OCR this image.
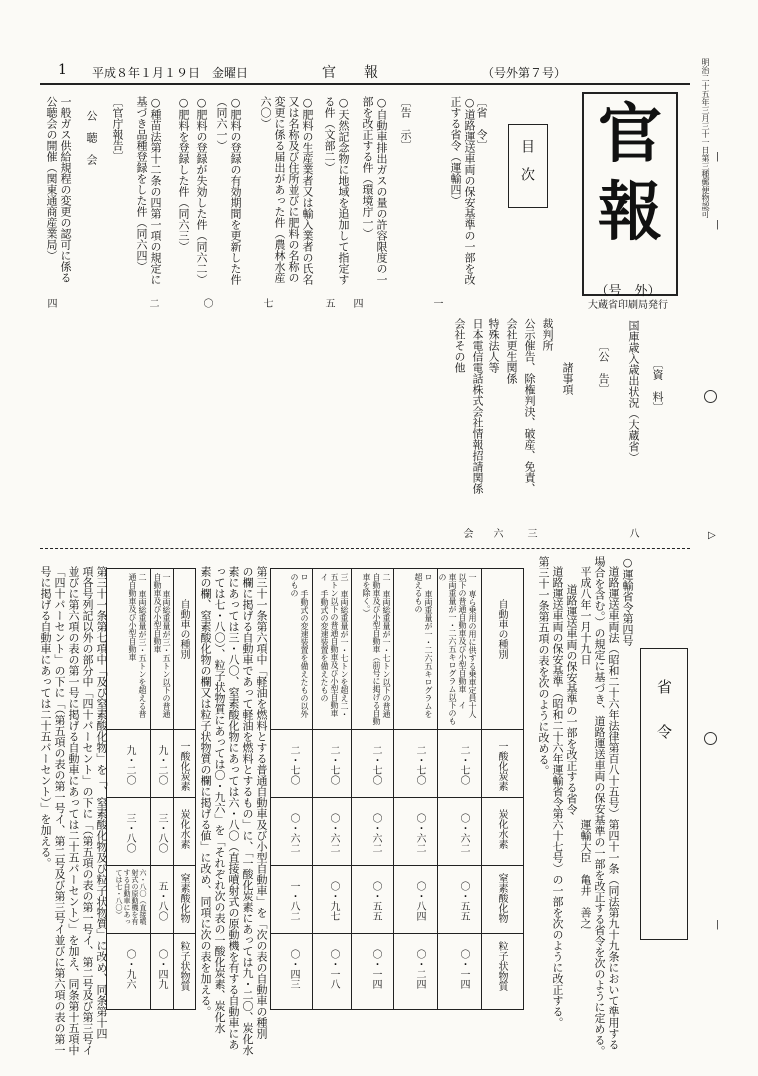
明治二十五年三月三十一日第三種郵便物認可
▷
|
|
|
1 平成８年１月１９日　金曜日	官　　報	（号外第７号）
官
報
（号　外）
大蔵省印刷局発行
目　次
〔省　令〕
○道路運送車両の保安基準の一部を改正する省令（運輸四）
一
〔告　示〕
○自動車排出ガスの量の許容限度の一部を改正する件（環境庁一）
四
○天然記念物に地域を追加して指定する件（文部二）
五
○肥料の生産業者又は輸入業者の氏名又は名称及び住所並びに肥料の名称の変更に係る届出があった件（農林水産六〇）
七
○肥料の登録の有効期間を更新した件（同六一）
〇
○肥料の登録が失効した件（同六二）
○肥料を登録した件（同六三）
○種苗法第十二条の四第一項の規定に基づき品種登録をした件（同六四）
二
〔官庁報告〕
公　聴　会
一般ガス供給規程の変更の認可に係る公聴会の開催（関東通商産業局）
四
〔資　料〕
国庫歳入歳出状況（大蔵省）
八
〔公　告〕
諸事項
裁判所
公示催告、除権判決、破産、免責、
三
会社更生関係
特殊法人等
六
日本電信電話株式会社情報招請関係
会社その他
会
省　　令
○運輸省令第四号
道路運送車両法（昭和二十六年法律第百八十五号）第四十一条（同法第九十九条において準用する
場合を含む。）の規定に基づき、道路運送車両の保安基準の一部を改正する省令を次のように定める。
平成八年一月十九日　　　　　　　　　　　　　　運輸大臣　亀井　善之
道路運送車両の保安基準の一部を改正する省令
道路運送車両の保安基準（昭和二十六年運輸省令第六十七号）の一部を次のように改正する。
第三十一条第五項の表を次のように改める。
自動車の種別
一酸化炭素
炭化水素
窒素酸化物
粒子状物質
一 専ら乗用の用に供する乗車定員十人以下の普通自動車及び小型自動車　イ 車両重量が一・二六五キログラム以下のもの
二・七〇
〇・六二
〇・五五
〇・一四
ロ 車両重量が一・二六五キログラムを超えるもの
二・七〇
〇・六二
〇・八四
〇・二四
二 車両総重量が一・七トン以下の普通自動車及び小型自動車（前号に掲げる自動車を除く。）
二・七〇
〇・六二
〇・五五
〇・一四
三 車両総重量が一・七トンを超え二・五トン以下の普通自動車及び小型自動車　イ 手動式の変速装置を備えたもの
二・七〇
〇・六二
〇・九七
〇・一八
ロ 手動式の変速装置を備えたもの以外のもの
二・七〇
〇・六二
一・八二
〇・四三
第三十一条第六項中「軽油を燃料とする普通自動車及び小型自動車」を「次の表の自動車の種別
の欄に掲げる自動車であって軽油を燃料とするもの」に、「一酸化炭素にあっては九・二〇、炭化水
素にあっては三・八〇、窒素酸化物にあっては六・八〇（直接噴射式の原動機を有する自動車にあ
っては七・八〇）、粒子状物質にあっては〇・九六」を「それぞれ次の表の一酸化炭素、炭化水
素の欄、窒素酸化物の欄又は粒子状物質の欄に掲げる値」に改め、同項に次の表を加える。
自動車の種別
一酸化炭素
炭化水素
窒素酸化物
粒子状物質
一 車両総重量が三・五トン以下の普通自動車及び小型自動車
九・二〇
三・八〇
五・八〇
〇・四九
二 車両総重量が三・五トンを超える普通自動車及び小型自動車
九・二〇
三・八〇
六・八〇（直接噴射式の原動機を有する自動車にあっては七・八〇）
〇・九六
第三十一条第七項中「及び窒素酸化物」を「、窒素酸化物及び粒子状物質」に改め、同条第十四
項各号列記以外の部分中「四十パーセント」の下に「（第五項の表の第一号イ、第二号及び第三号イ
並びに第六項の表の第一号に掲げる自動車にあっては二十五パーセント）」を加え、同条第十五項中
「四十パーセント」の下に「（第五項の表の第一号イ、第二号及び第三号イ並びに第六項の表の第一
号に掲げる自動車にあっては二十五パーセント）」を加える。
